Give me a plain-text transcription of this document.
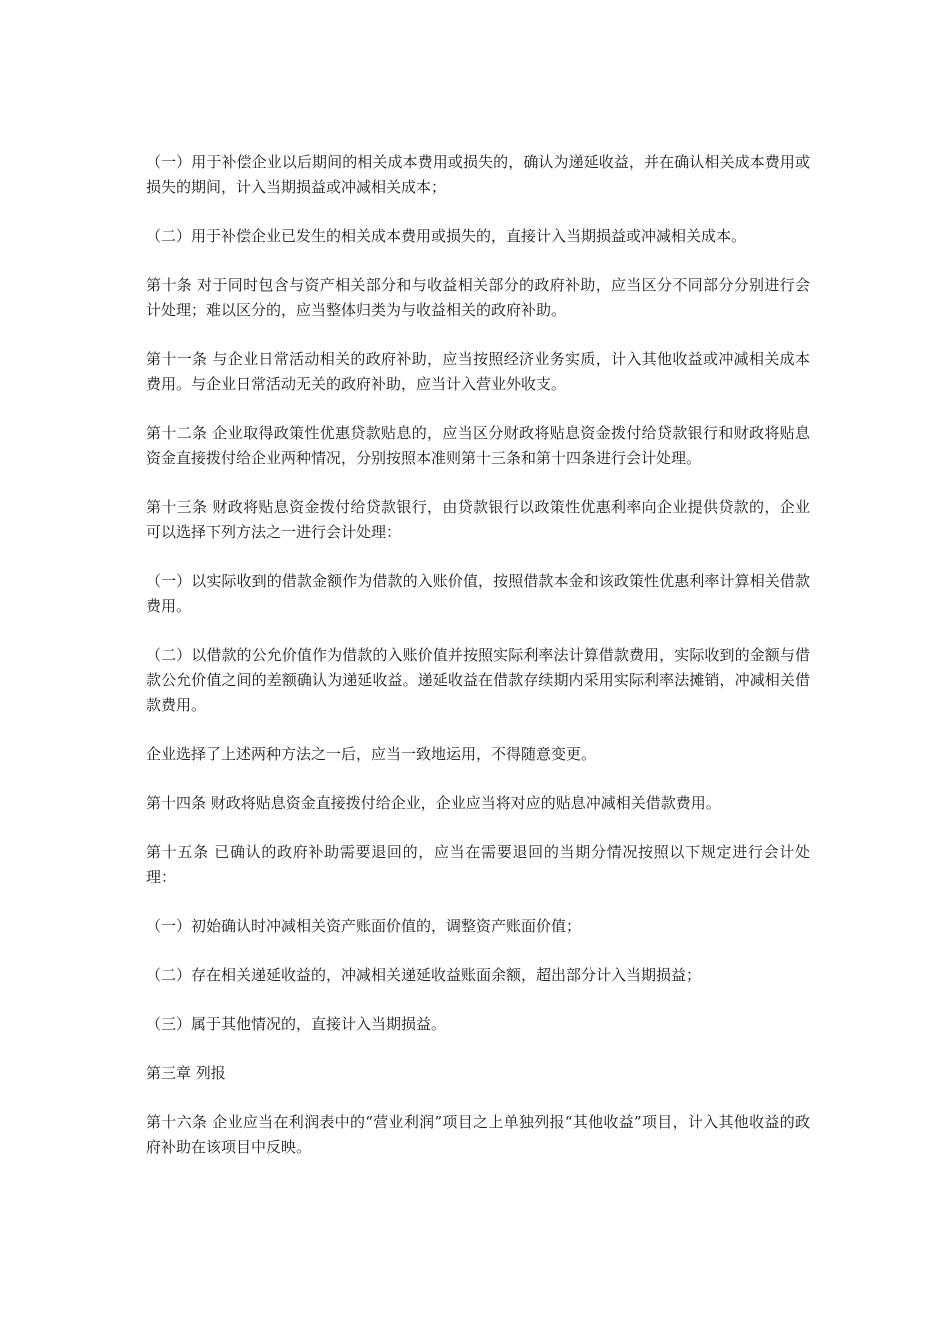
（一）用于补偿企业以后期间的相关成本费用或损失的，确认为递延收益，并在确认相关成本费用或损失的期间，计入当期损益或冲减相关成本；

（二）用于补偿企业已发生的相关成本费用或损失的，直接计入当期损益或冲减相关成本。

第十条 对于同时包含与资产相关部分和与收益相关部分的政府补助，应当区分不同部分分别进行会计处理；难以区分的，应当整体归类为与收益相关的政府补助。

第十一条 与企业日常活动相关的政府补助，应当按照经济业务实质，计入其他收益或冲减相关成本费用。与企业日常活动无关的政府补助，应当计入营业外收支。

第十二条 企业取得政策性优惠贷款贴息的，应当区分财政将贴息资金拨付给贷款银行和财政将贴息资金直接拨付给企业两种情况，分别按照本准则第十三条和第十四条进行会计处理。

第十三条 财政将贴息资金拨付给贷款银行，由贷款银行以政策性优惠利率向企业提供贷款的，企业可以选择下列方法之一进行会计处理：

（一）以实际收到的借款金额作为借款的入账价值，按照借款本金和该政策性优惠利率计算相关借款费用。

（二）以借款的公允价值作为借款的入账价值并按照实际利率法计算借款费用，实际收到的金额与借款公允价值之间的差额确认为递延收益。递延收益在借款存续期内采用实际利率法摊销，冲减相关借款费用。

企业选择了上述两种方法之一后，应当一致地运用，不得随意变更。

第十四条 财政将贴息资金直接拨付给企业，企业应当将对应的贴息冲减相关借款费用。

第十五条 已确认的政府补助需要退回的，应当在需要退回的当期分情况按照以下规定进行会计处理：

（一）初始确认时冲减相关资产账面价值的，调整资产账面价值；

（二）存在相关递延收益的，冲减相关递延收益账面余额，超出部分计入当期损益；

（三）属于其他情况的，直接计入当期损益。

第三章 列报

第十六条 企业应当在利润表中的“营业利润”项目之上单独列报“其他收益”项目，计入其他收益的政府补助在该项目中反映。
